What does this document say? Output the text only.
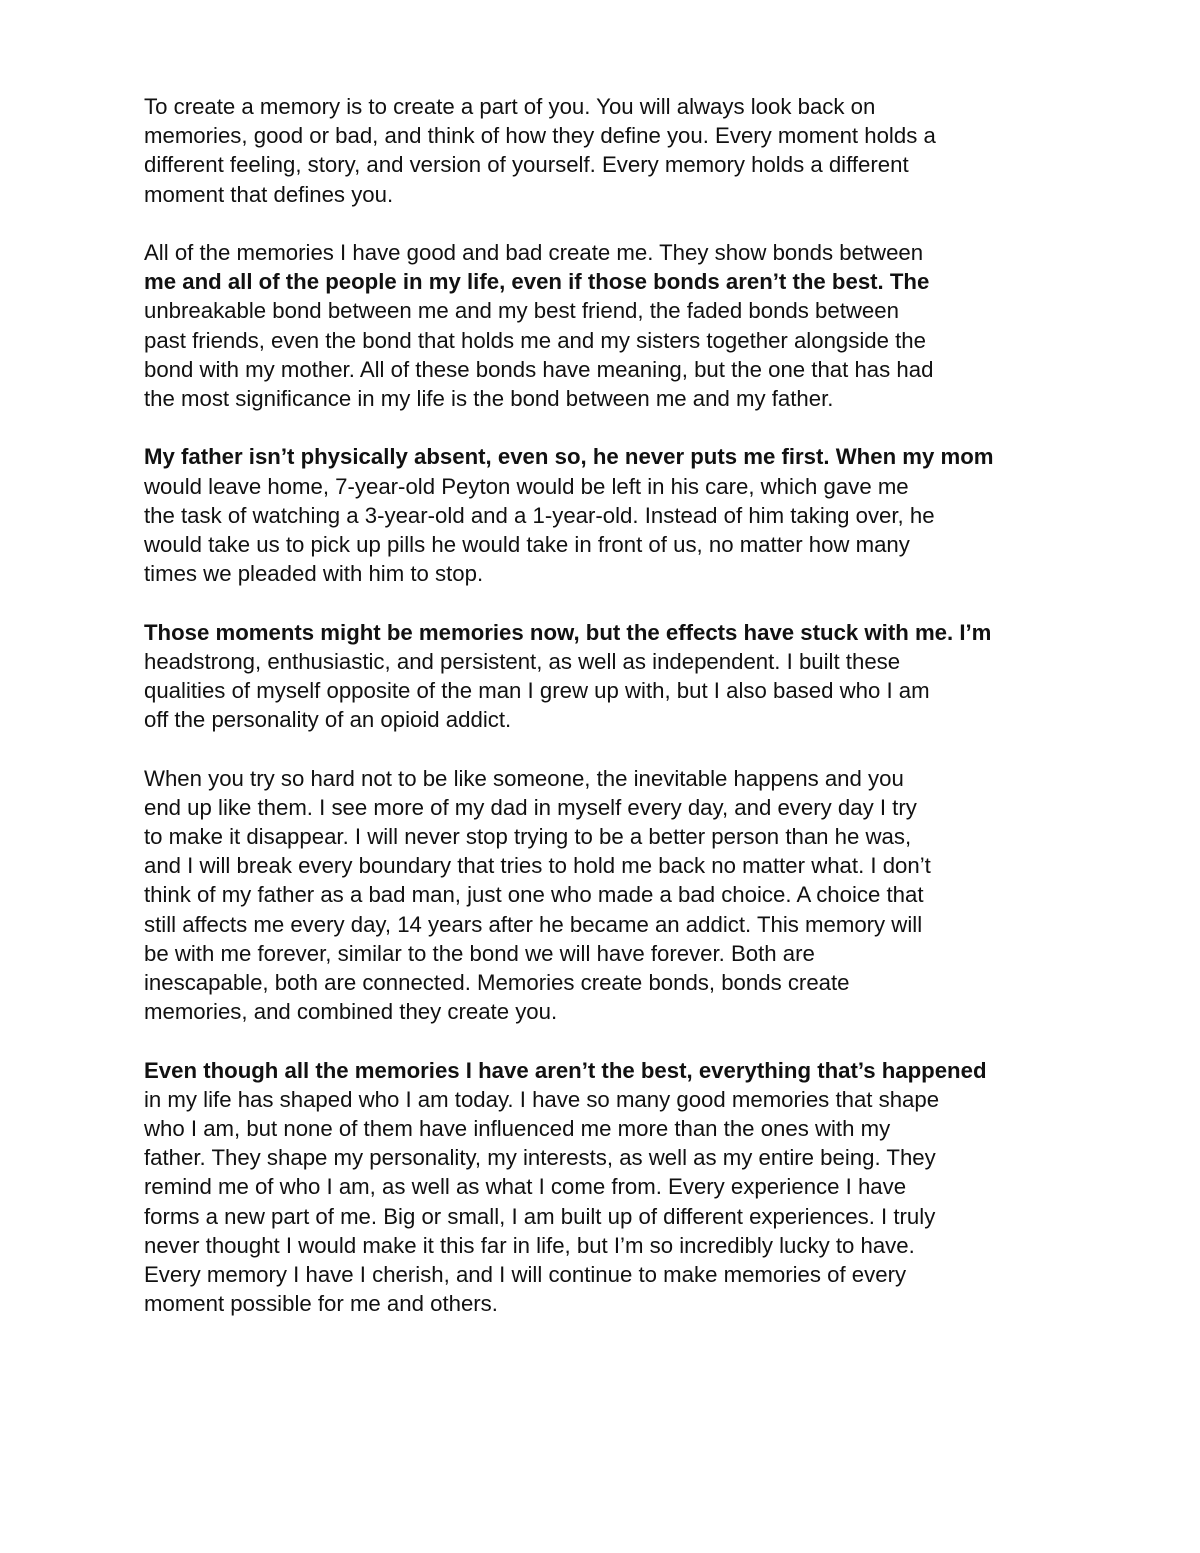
To create a memory is to create a part of you. You will always look back on
memories, good or bad, and think of how they define you. Every moment holds a
different feeling, story, and version of yourself. Every memory holds a different
moment that defines you.
All of the memories I have good and bad create me. They show bonds between
me and all of the people in my life, even if those bonds aren’t the best. The
unbreakable bond between me and my best friend, the faded bonds between
past friends, even the bond that holds me and my sisters together alongside the
bond with my mother. All of these bonds have meaning, but the one that has had
the most significance in my life is the bond between me and my father.
My father isn’t physically absent, even so, he never puts me first. When my mom
would leave home, 7-year-old Peyton would be left in his care, which gave me
the task of watching a 3-year-old and a 1-year-old. Instead of him taking over, he
would take us to pick up pills he would take in front of us, no matter how many
times we pleaded with him to stop.
Those moments might be memories now, but the effects have stuck with me. I’m
headstrong, enthusiastic, and persistent, as well as independent. I built these
qualities of myself opposite of the man I grew up with, but I also based who I am
off the personality of an opioid addict.
When you try so hard not to be like someone, the inevitable happens and you
end up like them. I see more of my dad in myself every day, and every day I try
to make it disappear. I will never stop trying to be a better person than he was,
and I will break every boundary that tries to hold me back no matter what. I don’t
think of my father as a bad man, just one who made a bad choice. A choice that
still affects me every day, 14 years after he became an addict. This memory will
be with me forever, similar to the bond we will have forever. Both are
inescapable, both are connected. Memories create bonds, bonds create
memories, and combined they create you.
Even though all the memories I have aren’t the best, everything that’s happened
in my life has shaped who I am today. I have so many good memories that shape
who I am, but none of them have influenced me more than the ones with my
father. They shape my personality, my interests, as well as my entire being. They
remind me of who I am, as well as what I come from. Every experience I have
forms a new part of me. Big or small, I am built up of different experiences. I truly
never thought I would make it this far in life, but I’m so incredibly lucky to have.
Every memory I have I cherish, and I will continue to make memories of every
moment possible for me and others.
